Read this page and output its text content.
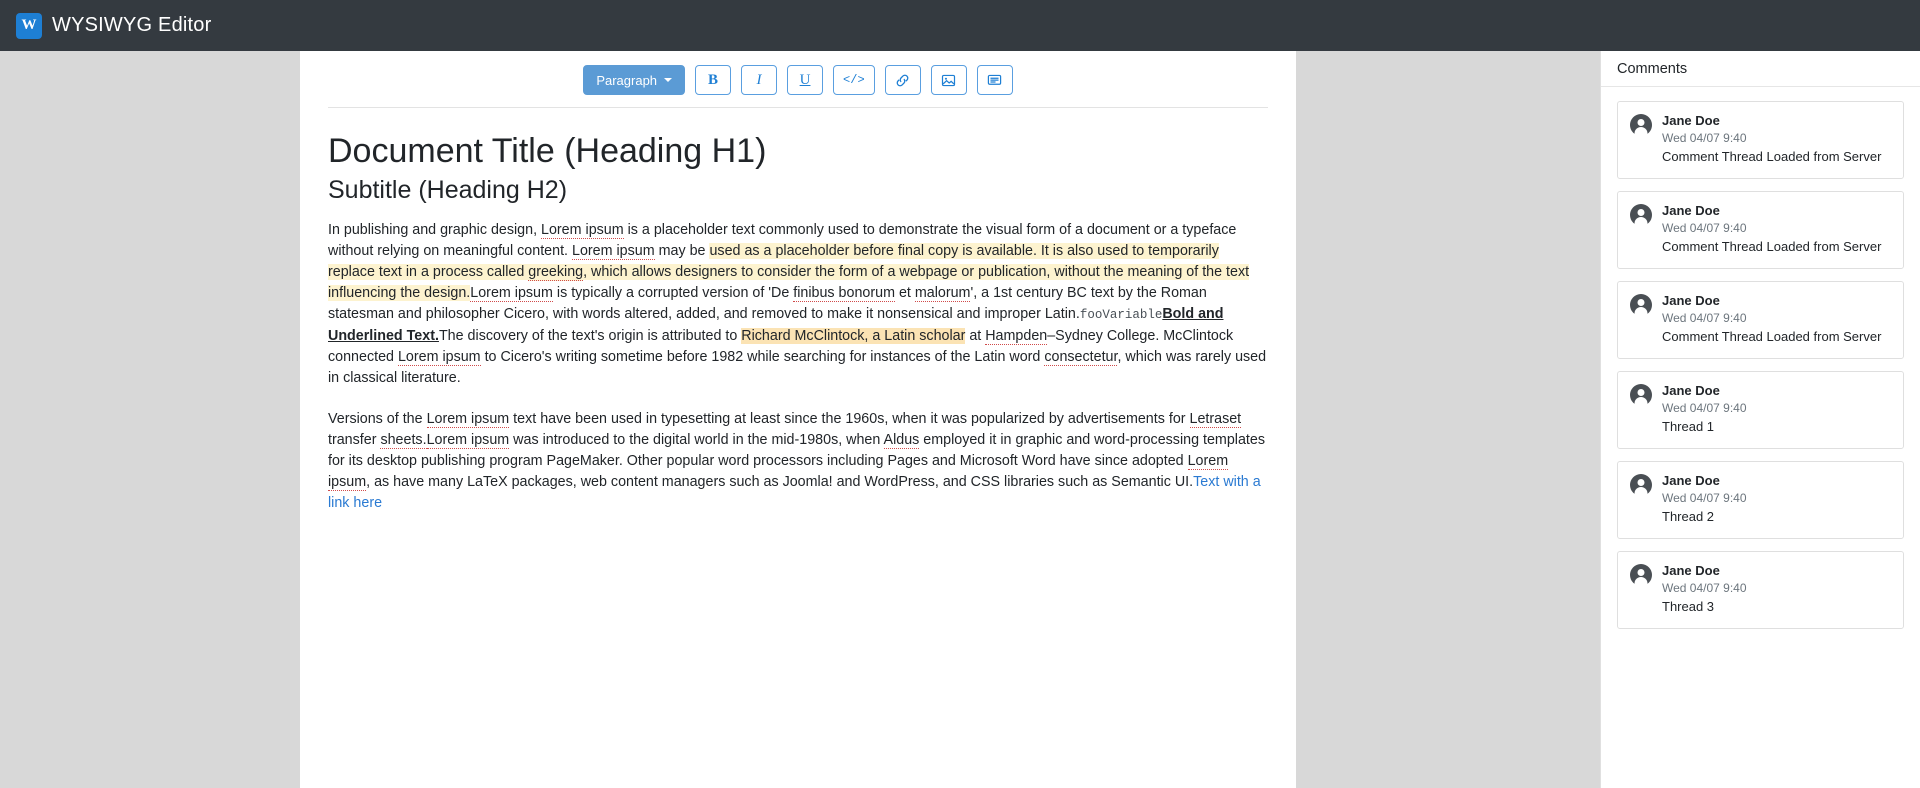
W WYSIWYG Editor
Paragraph	B	I	U	</>
Document Title (Heading H1)
Subtitle (Heading H2)

In publishing and graphic design, Lorem ipsum is a placeholder text commonly used to demonstrate the visual form of a document or a typeface without relying on meaningful content. Lorem ipsum may be used as a placeholder before final copy is available. It is also used to temporarily replace text in a process called greeking, which allows designers to consider the form of a webpage or publication, without the meaning of the text influencing the design.Lorem ipsum is typically a corrupted version of 'De finibus bonorum et malorum', a 1st century BC text by the Roman statesman and philosopher Cicero, with words altered, added, and removed to make it nonsensical and improper Latin.fooVariableBold and Underlined Text.The discovery of the text's origin is attributed to Richard McClintock, a Latin scholar at Hampden–Sydney College. McClintock connected Lorem ipsum to Cicero's writing sometime before 1982 while searching for instances of the Latin word consectetur, which was rarely used in classical literature.

Versions of the Lorem ipsum text have been used in typesetting at least since the 1960s, when it was popularized by advertisements for Letraset transfer sheets.Lorem ipsum was introduced to the digital world in the mid-1980s, when Aldus employed it in graphic and word-processing templates for its desktop publishing program PageMaker. Other popular word processors including Pages and Microsoft Word have since adopted Lorem ipsum, as have many LaTeX packages, web content managers such as Joomla! and WordPress, and CSS libraries such as Semantic UI.Text with a link here

Comments
Jane Doe
Wed 04/07 9:40
Comment Thread Loaded from Server
Jane Doe
Wed 04/07 9:40
Comment Thread Loaded from Server
Jane Doe
Wed 04/07 9:40
Comment Thread Loaded from Server
Jane Doe
Wed 04/07 9:40
Thread 1
Jane Doe
Wed 04/07 9:40
Thread 2
Jane Doe
Wed 04/07 9:40
Thread 3
